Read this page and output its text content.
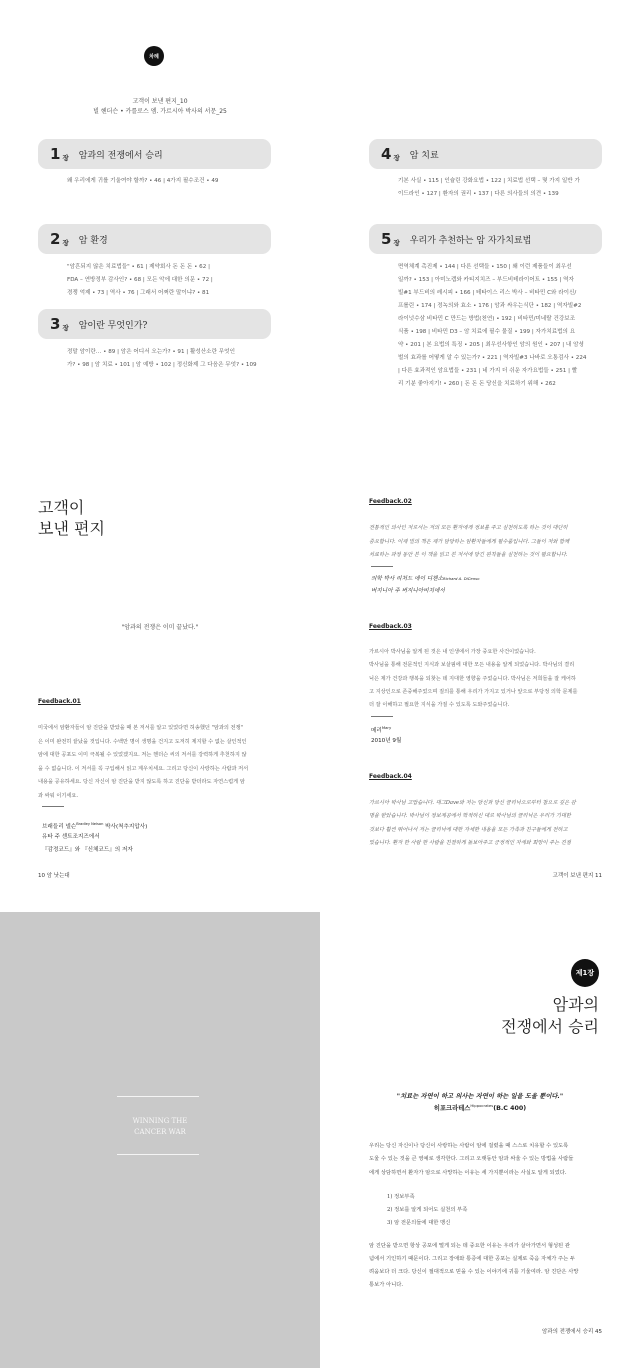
차례
고객이 보낸 편지_10
빌 헨더슨 • 카를로스 엠. 가르시아 박사의 서문_25
1 장 암과의 전쟁에서 승리
왜 우리에게 귀를 기울여야 할까? • 46 | 4가지 필수조건 • 49
2 장 암 환경
"암흔되지 않은 치료법들" • 61 | 제약회사 돈 돈 돈 • 62 |
FDA – 연방정부 감사인? • 68 | 모든 악에 대한 의문 • 72 |
경쟁 억제 • 73 | 역사 • 76 | 그래서 어쩌란 말이냐? • 81
3 장 암이란 무엇인가?
정말 암이란… • 89 | 암은 어디서 오는가? • 91 | 활성산소란 무엇인
가? • 98 | 암 치료 • 101 | 암 예방 • 102 | 정신화제 그 다음은 무엇? • 109
4 장 암 치료
기본 사실 • 115 | 인슐린 강화요법 • 122 | 치료법 선택 – 몇 가지 일반 가
이드라인 • 127 | 환자의 권리 • 137 | 다른 의사들의 의견 • 139
5 장 우리가 추천하는 암 자가치료법
면역체계 촉진제 • 144 | 다른 선택들 • 150 | 왜 이런 제품들이 최우선
일까? • 153 | 아미노캡와 카티지치즈 – 부드비테라이어트 • 155 | 역자
빌#1 부드비의 레시피 • 166 | 테타이스 리스 박사 – 비타민 C와 라이신/
프롤린 • 174 | 정녹의와 효소 • 176 | 암과 싸우는식단 • 182 | 역자빌#2
라이넛수삼 비타민 C 만드는 방법(천연) • 192 | 비타민/미네랄 건강보조
식품 • 198 | 비타민 D3 – 암 치료에 필수 물질 • 199 | 자가치료법의 요
약 • 201 | 본 요법의 특징 • 205 | 최우선사항인 암의 원인 • 207 | 내 암셩
벌의 효과를 어떻게 알 수 있는가? • 221 | 역자빌#3 나바로 오통검사 • 224
| 다른 효과적인 암요법들 • 231 | 네 가지 더 쉬운 자가요법들 • 251 | 빨
리 기분 좋아지기! • 260 | 돈 돈 돈 당신을 치료하기 위해 • 262
고객이
보낸 편지
"암과의 전쟁은 이미 끝났다."
Feedback.01
미국에서 암환자들이 암 진단을 받았을 때 본 저서를 알고 있었다면 허송했던 "암과의 전쟁"
은 이미 완전히 끝났을 것입니다. 수백만 명이 생명을 건지고 도저히 제지할 수 없는 살인적인
암에 대한 공포도 이미 극복될 수 있었겠지요. 저는 헨더슨 씨의 저서를 강력하게 추천하지 않
을 수 없습니다. 이 저서를 꼭 구입해서 읽고 계우치세요. 그리고 당신이 사랑하는 사람과 저서
내용을 공유하세요. 당신 자신이 암 진단을 받지 않도록 하고 진단을 받더라도 자연스럽게 암
과 싸워 이기세요.
브래들리 넬슨$^{Bradley Nelson}$ 박사(척추지압사)
유타 주 센트조지즈에서
『감정코드』와 『신체코드』의 저자
10 암 낫는대
Feedback.02
전통적인 의사인 저로서는 저의 모든 환자에게 정보를 주고 실천하도록 하는 것이 대단히
중요합니다. 이제 빌의 책은 제가 담당하는 암환자들에게 필수품입니다. 그들이 저와 함께
치료하는 과정 동안 본 이 책을 읽고 본 저서에 당긴 원칙들을 실천하는 것이 필요합니다.
의학 박사 리처드 에이 디첸소Richard A. DiCenso
버지니아 주 버지니아비치에서
Feedback.03
가르시아 박사님을 알게 된 것은 내 인생에서 가장 중요한 사건이었습니다.
박사님을 통해 전문적인 지식과 보살핌에 대한 모든 내용을 알게 되었습니다. 박사님의 결리
닉은 제가 건강과 행복을 되찾는 데 지대한 영향을 주었습니다. 박사님은 저희들을 잘 케어하
고 지상인으로 존중해주었으며 질의를 통해 우리가 가지고 있거나 앞으로 부당정 의학 문제를
더 잘 이해하고 필요한 지식을 가질 수 있도록 도와주었습니다.
메리$^{Mary}$
2010년 9월
Feedback.04
가르시아 박사님 고맙습니다. 대그Dave와 저는 당신과 당신 클리닉으로부터 참으로 깊은 감
명을 받았습니다. 박사님이 정보제공에서 학적하신 대로 박사님의 클리닉은 우리가 기대한
것보다 훨씬 뛰어나서 저는 클리닉에 대한 자세한 내용을 모든 가족과 친구들에게 전하고
있습니다. 환자 한 사람 한 사람을 친절하게 돌보아주고 긍정적인 자세와 희망이 주는 진점
고객이 보낸 편지 11
WINNING THE
CANCER WAR
제1장
암과의
전쟁에서 승리
"치료는 자연이 하고 의사는 자연이 하는 일을 도울 뿐이다."
히포크라테스$^{Hippocrates}$(B.C 400)
우리는 당신 자신이나 당신이 사랑하는 사람이 암에 걸렸을 때 스스로 치유할 수 있도록
도울 수 있는 것을 큰 영예로 생각한다. 그리고 오랫동안 암과 싸울 수 있는 방법을 사람들
에게 상담하면서 환자가 암으로 사망하는 이유는 세 가지뿐이라는 사실도 알게 되었다.
1) 정보부족
2) 정보를 알게 되어도 실천의 부족
3) 암 전문의들에 대한 맹신
암 진단을 받으면 항상 공포에 떨게 되는 데 중요한 이유는 우리가 살아가면서 형성된 관
념에서 기인하기 때문이다. 그리고 장애와 통증에 대한 공포는 실제로 죽음 자체가 주는 두
려움보다 더 크다. 당신이 절대적으로 믿을 수 있는 이야기에 귀를 기울여라. 암 진단은 사망
통보가 아니다.
암과의 전쟁에서 승리 45
